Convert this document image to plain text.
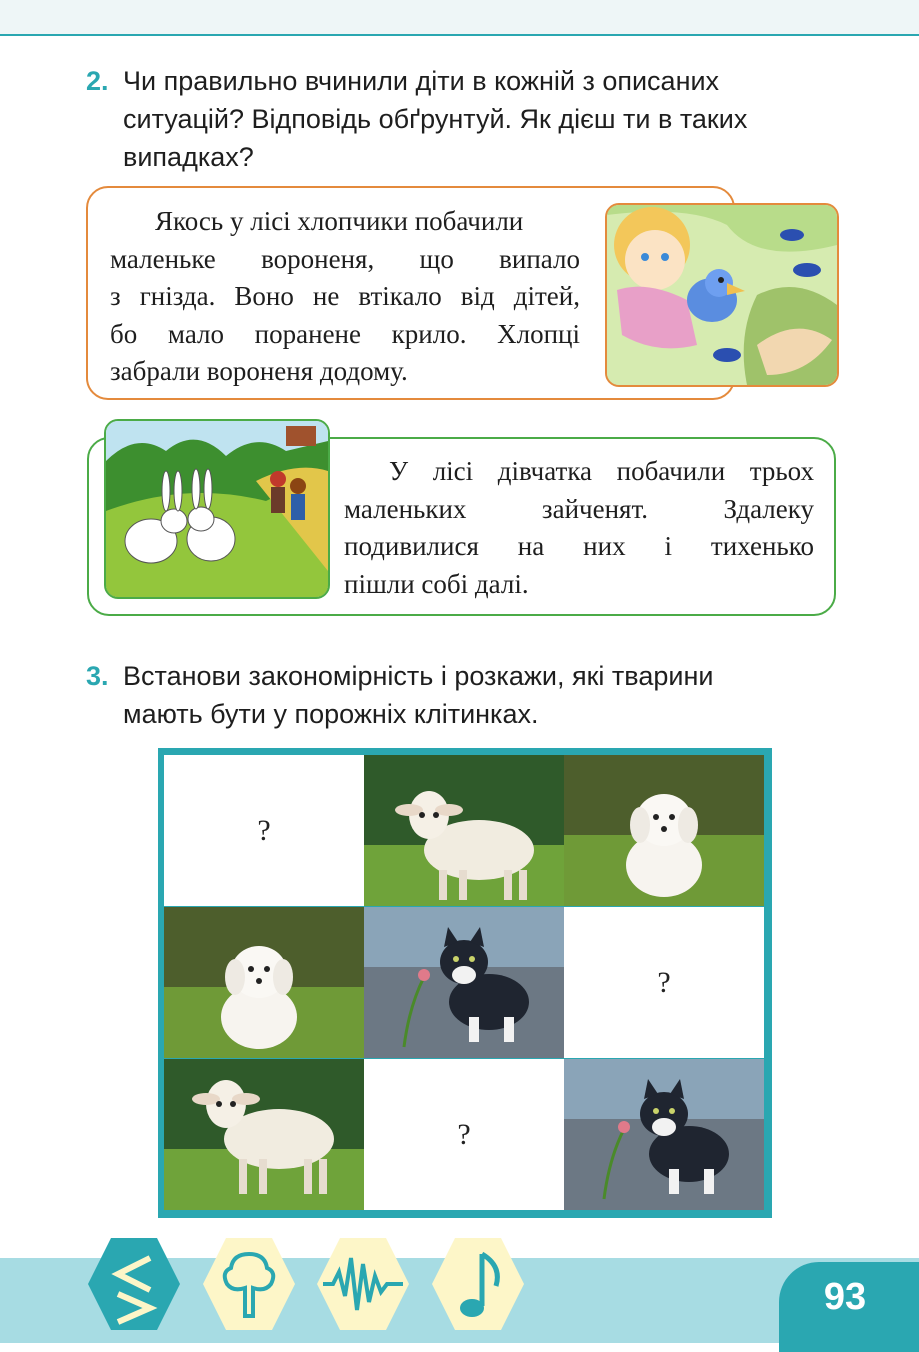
2. Чи правильно вчинили діти в кожній з описаних
ситуацій? Відповідь обґрунтуй. Як дієш ти в таких
випадках?
Якось у лісі хлопчики побачили
маленьке вороненя, що випало
з гнізда. Воно не втікало від дітей,
бо мало поранене крило. Хлопці
забрали вороненя додому.
У лісі дівчатка побачили трьох
маленьких зайченят. Здалеку
подивилися на них і тихенько
пішли собі далі.
3. Встанови закономірність і розкажи, які тварини
мають бути у порожніх клітинках.
?
?
?
93
